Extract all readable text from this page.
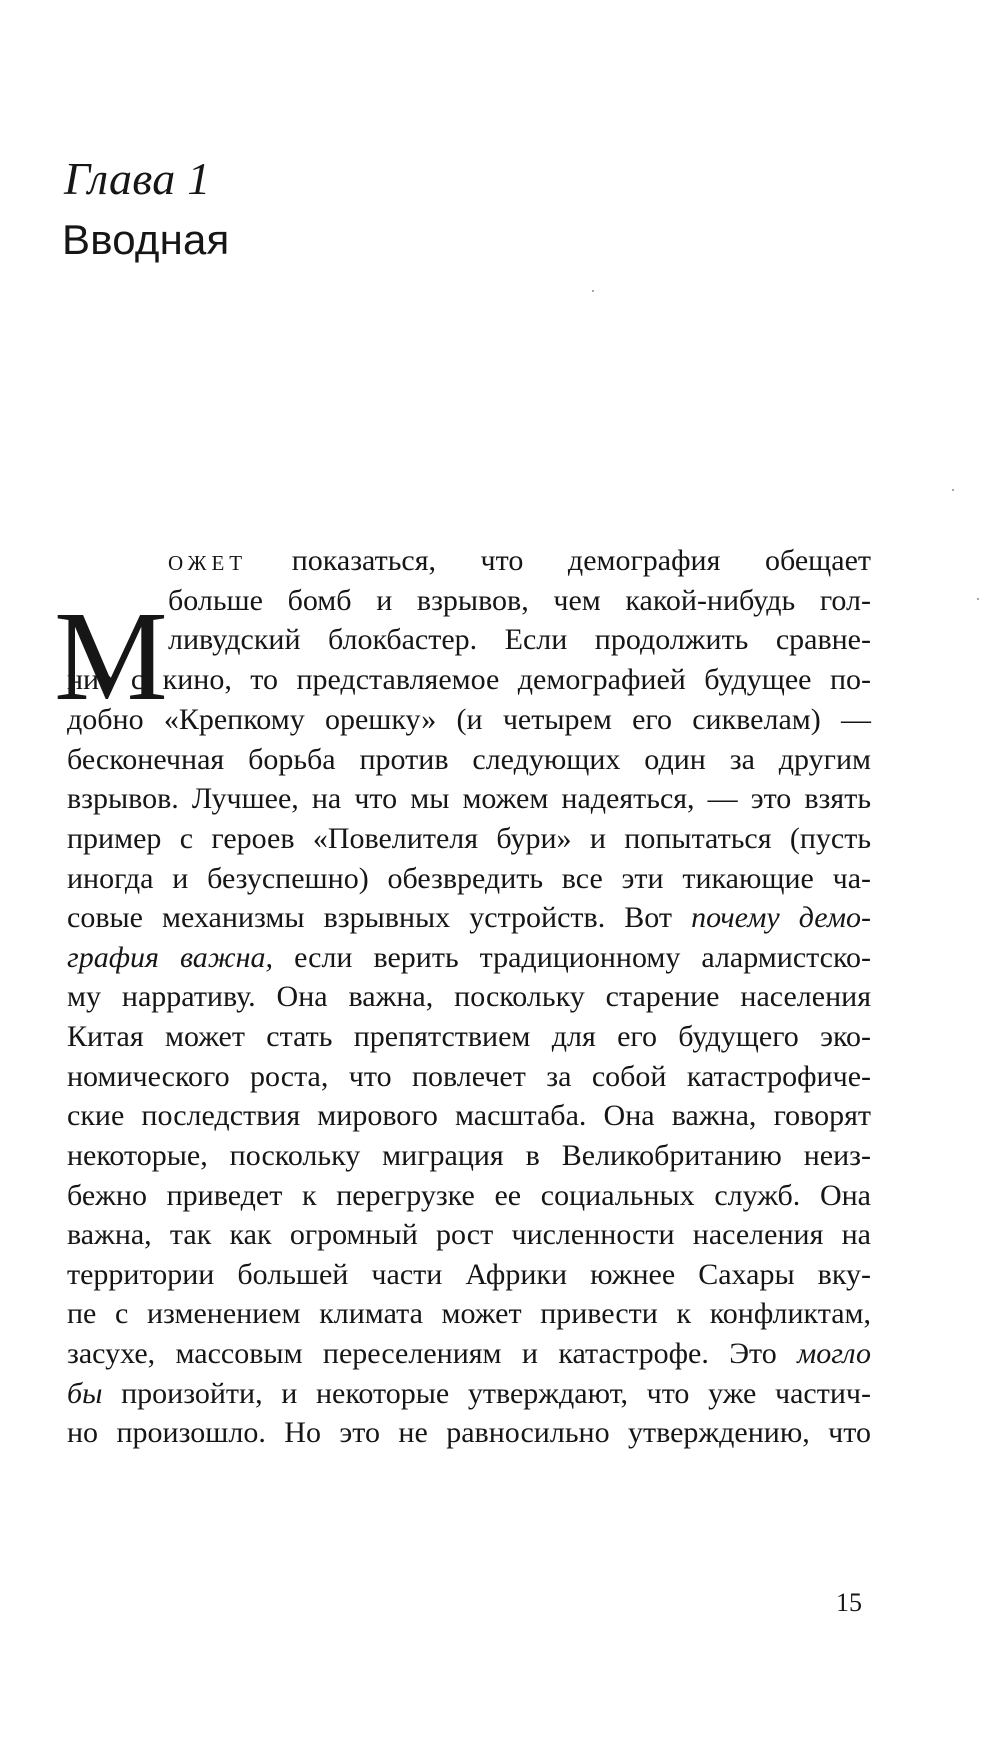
Глава 1
Вводная
М
ОЖЕТ показаться, что демография обещает
больше бомб и взрывов, чем какой-нибудь гол-
ливудский блокбастер. Если продолжить сравне-
ние с кино, то представляемое демографией будущее по-
добно «Крепкому орешку» (и четырем его сиквелам) —
бесконечная борьба против следующих один за другим
взрывов. Лучшее, на что мы можем надеяться, — это взять
пример с героев «Повелителя бури» и попытаться (пусть
иногда и безуспешно) обезвредить все эти тикающие ча-
совые механизмы взрывных устройств. Вот почему демо-
графия важна, если верить традиционному алармистско-
му нарративу. Она важна, поскольку старение населения
Китая может стать препятствием для его будущего эко-
номического роста, что повлечет за собой катастрофиче-
ские последствия мирового масштаба. Она важна, говорят
некоторые, поскольку миграция в Великобританию неиз-
бежно приведет к перегрузке ее социальных служб. Она
важна, так как огромный рост численности населения на
территории большей части Африки южнее Сахары вку-
пе с изменением климата может привести к конфликтам,
засухе, массовым переселениям и катастрофе. Это могло
бы произойти, и некоторые утверждают, что уже частич-
но произошло. Но это не равносильно утверждению, что
15
